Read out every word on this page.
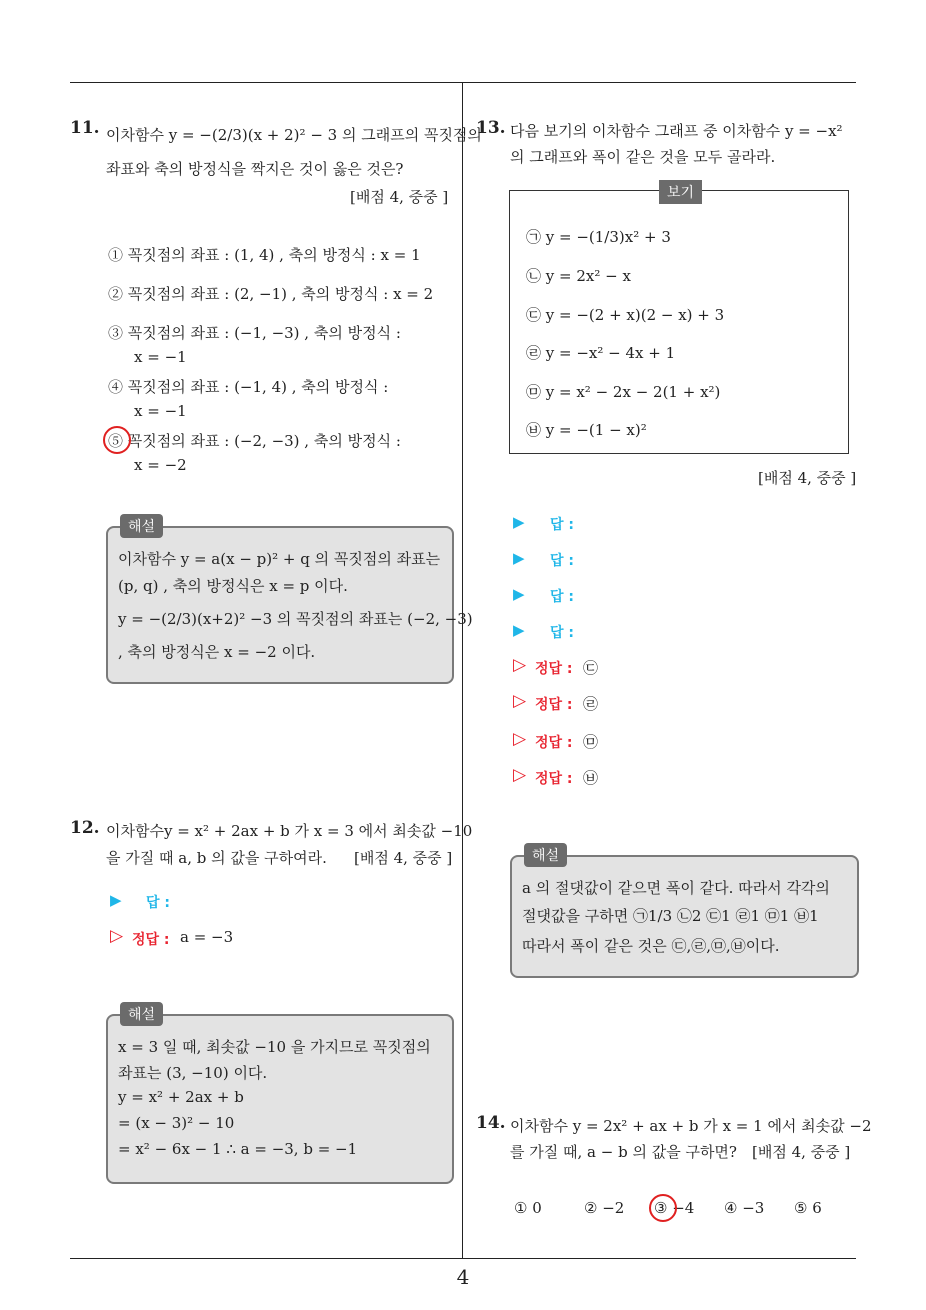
11. 이차함수 y = −(2/3)(x + 2)² − 3 의 그래프의 꼭짓점의
좌표와 축의 방정식을 짝지은 것이 옳은 것은?
[배점 4, 중중 ]
① 꼭짓점의 좌표 : (1, 4) , 축의 방정식 : x = 1
② 꼭짓점의 좌표 : (2, −1) , 축의 방정식 : x = 2
③ 꼭짓점의 좌표 : (−1, −3) , 축의 방정식 :
x = −1
④ 꼭짓점의 좌표 : (−1, 4) , 축의 방정식 :
x = −1
⑤ 꼭짓점의 좌표 : (−2, −3) , 축의 방정식 :
x = −2
해설
이차함수 y = a(x − p)² + q 의 꼭짓점의 좌표는
(p, q) , 축의 방정식은 x = p 이다.
y = −(2/3)(x+2)² −3 의 꼭짓점의 좌표는 (−2, −3)
, 축의 방정식은 x = −2 이다.
12. 이차함수y = x² + 2ax + b 가 x = 3 에서 최솟값 −10
을 가질 때 a, b 의 값을 구하여라. [배점 4, 중중 ]
▶ 답 :
▷ 정답 : a = −3
해설
x = 3 일 때, 최솟값 −10 을 가지므로 꼭짓점의
좌표는 (3, −10) 이다.
y = x² + 2ax + b
= (x − 3)² − 10
= x² − 6x − 1 ∴ a = −3, b = −1
13. 다음 보기의 이차함수 그래프 중 이차함수 y = −x²
의 그래프와 폭이 같은 것을 모두 골라라.
보기
㉠ y = −(1/3)x² + 3
㉡ y = 2x² − x
㉢ y = −(2 + x)(2 − x) + 3
㉣ y = −x² − 4x + 1
㉤ y = x² − 2x − 2(1 + x²)
㉥ y = −(1 − x)²
[배점 4, 중중 ]
▶ 답 :
▶ 답 :
▶ 답 :
▶ 답 :
▷ 정답 : ㉢
▷ 정답 : ㉣
▷ 정답 : ㉤
▷ 정답 : ㉥
해설
a 의 절댓값이 같으면 폭이 같다. 따라서 각각의
절댓값을 구하면 ㉠1/3 ㉡2 ㉢1 ㉣1 ㉤1 ㉥1
따라서 폭이 같은 것은 ㉢,㉣,㉤,㉥이다.
14. 이차함수 y = 2x² + ax + b 가 x = 1 에서 최솟값 −2
를 가질 때, a − b 의 값을 구하면? [배점 4, 중중 ]
① 0	② −2 ③ −4 ④ −3 ⑤ 6
4
